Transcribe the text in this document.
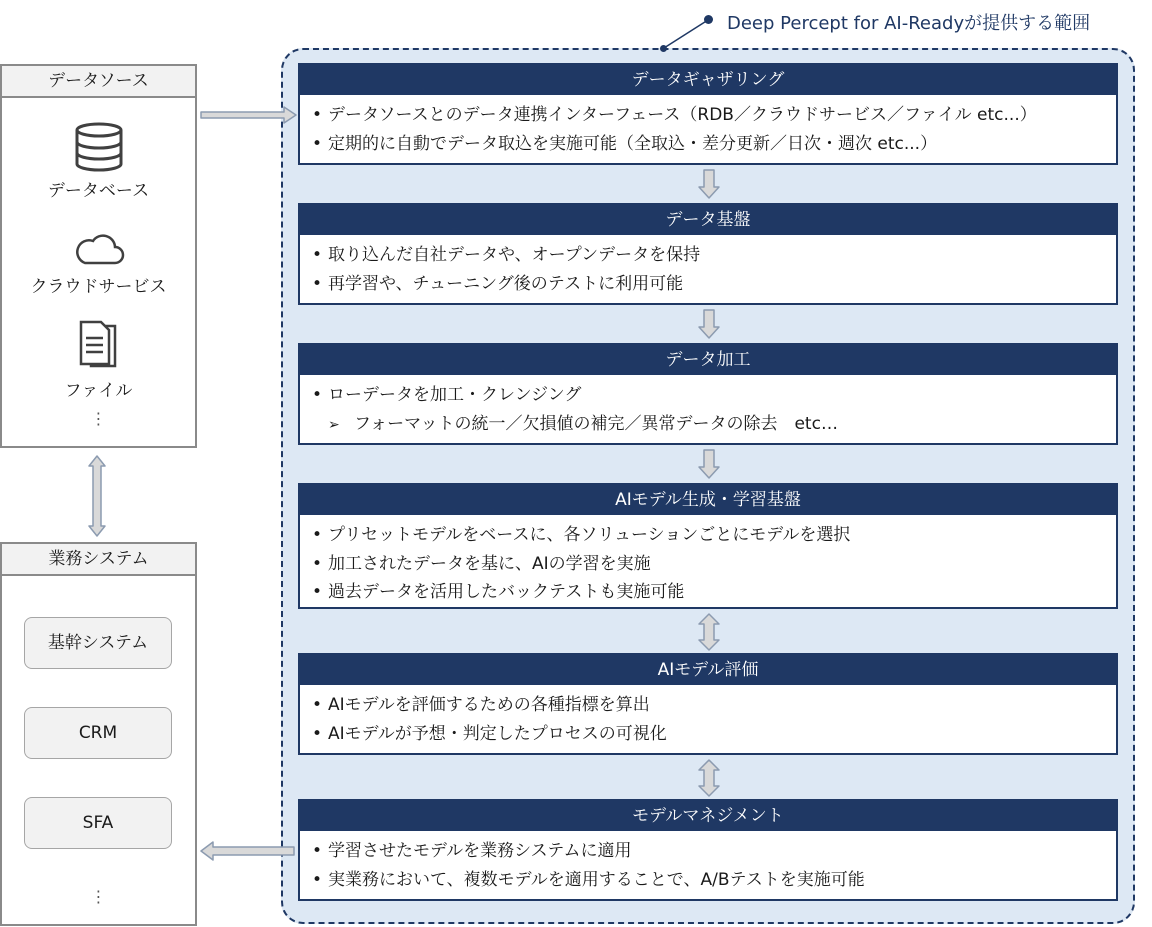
Deep Percept for AI-Readyが提供する範囲
データソース
データベース
クラウドサービス
ファイル
⋮
業務システム
基幹システム
CRM
SFA
⋮
データギャザリング
• データソースとのデータ連携インターフェース（RDB／クラウドサービス／ファイル etc...）
• 定期的に自動でデータ取込を実施可能（全取込・差分更新／日次・週次 etc...）
データ基盤
• 取り込んだ自社データや、オープンデータを保持
• 再学習や、チューニング後のテストに利用可能
データ加工
• ローデータを加工・クレンジング
➢ フォーマットの統一／欠損値の補完／異常データの除去　etc…
AIモデル生成・学習基盤
• プリセットモデルをベースに、各ソリューションごとにモデルを選択
• 加工されたデータを基に、AIの学習を実施
• 過去データを活用したバックテストも実施可能
AIモデル評価
• AIモデルを評価するための各種指標を算出
• AIモデルが予想・判定したプロセスの可視化
モデルマネジメント
• 学習させたモデルを業務システムに適用
• 実業務において、複数モデルを適用することで、A/Bテストを実施可能
